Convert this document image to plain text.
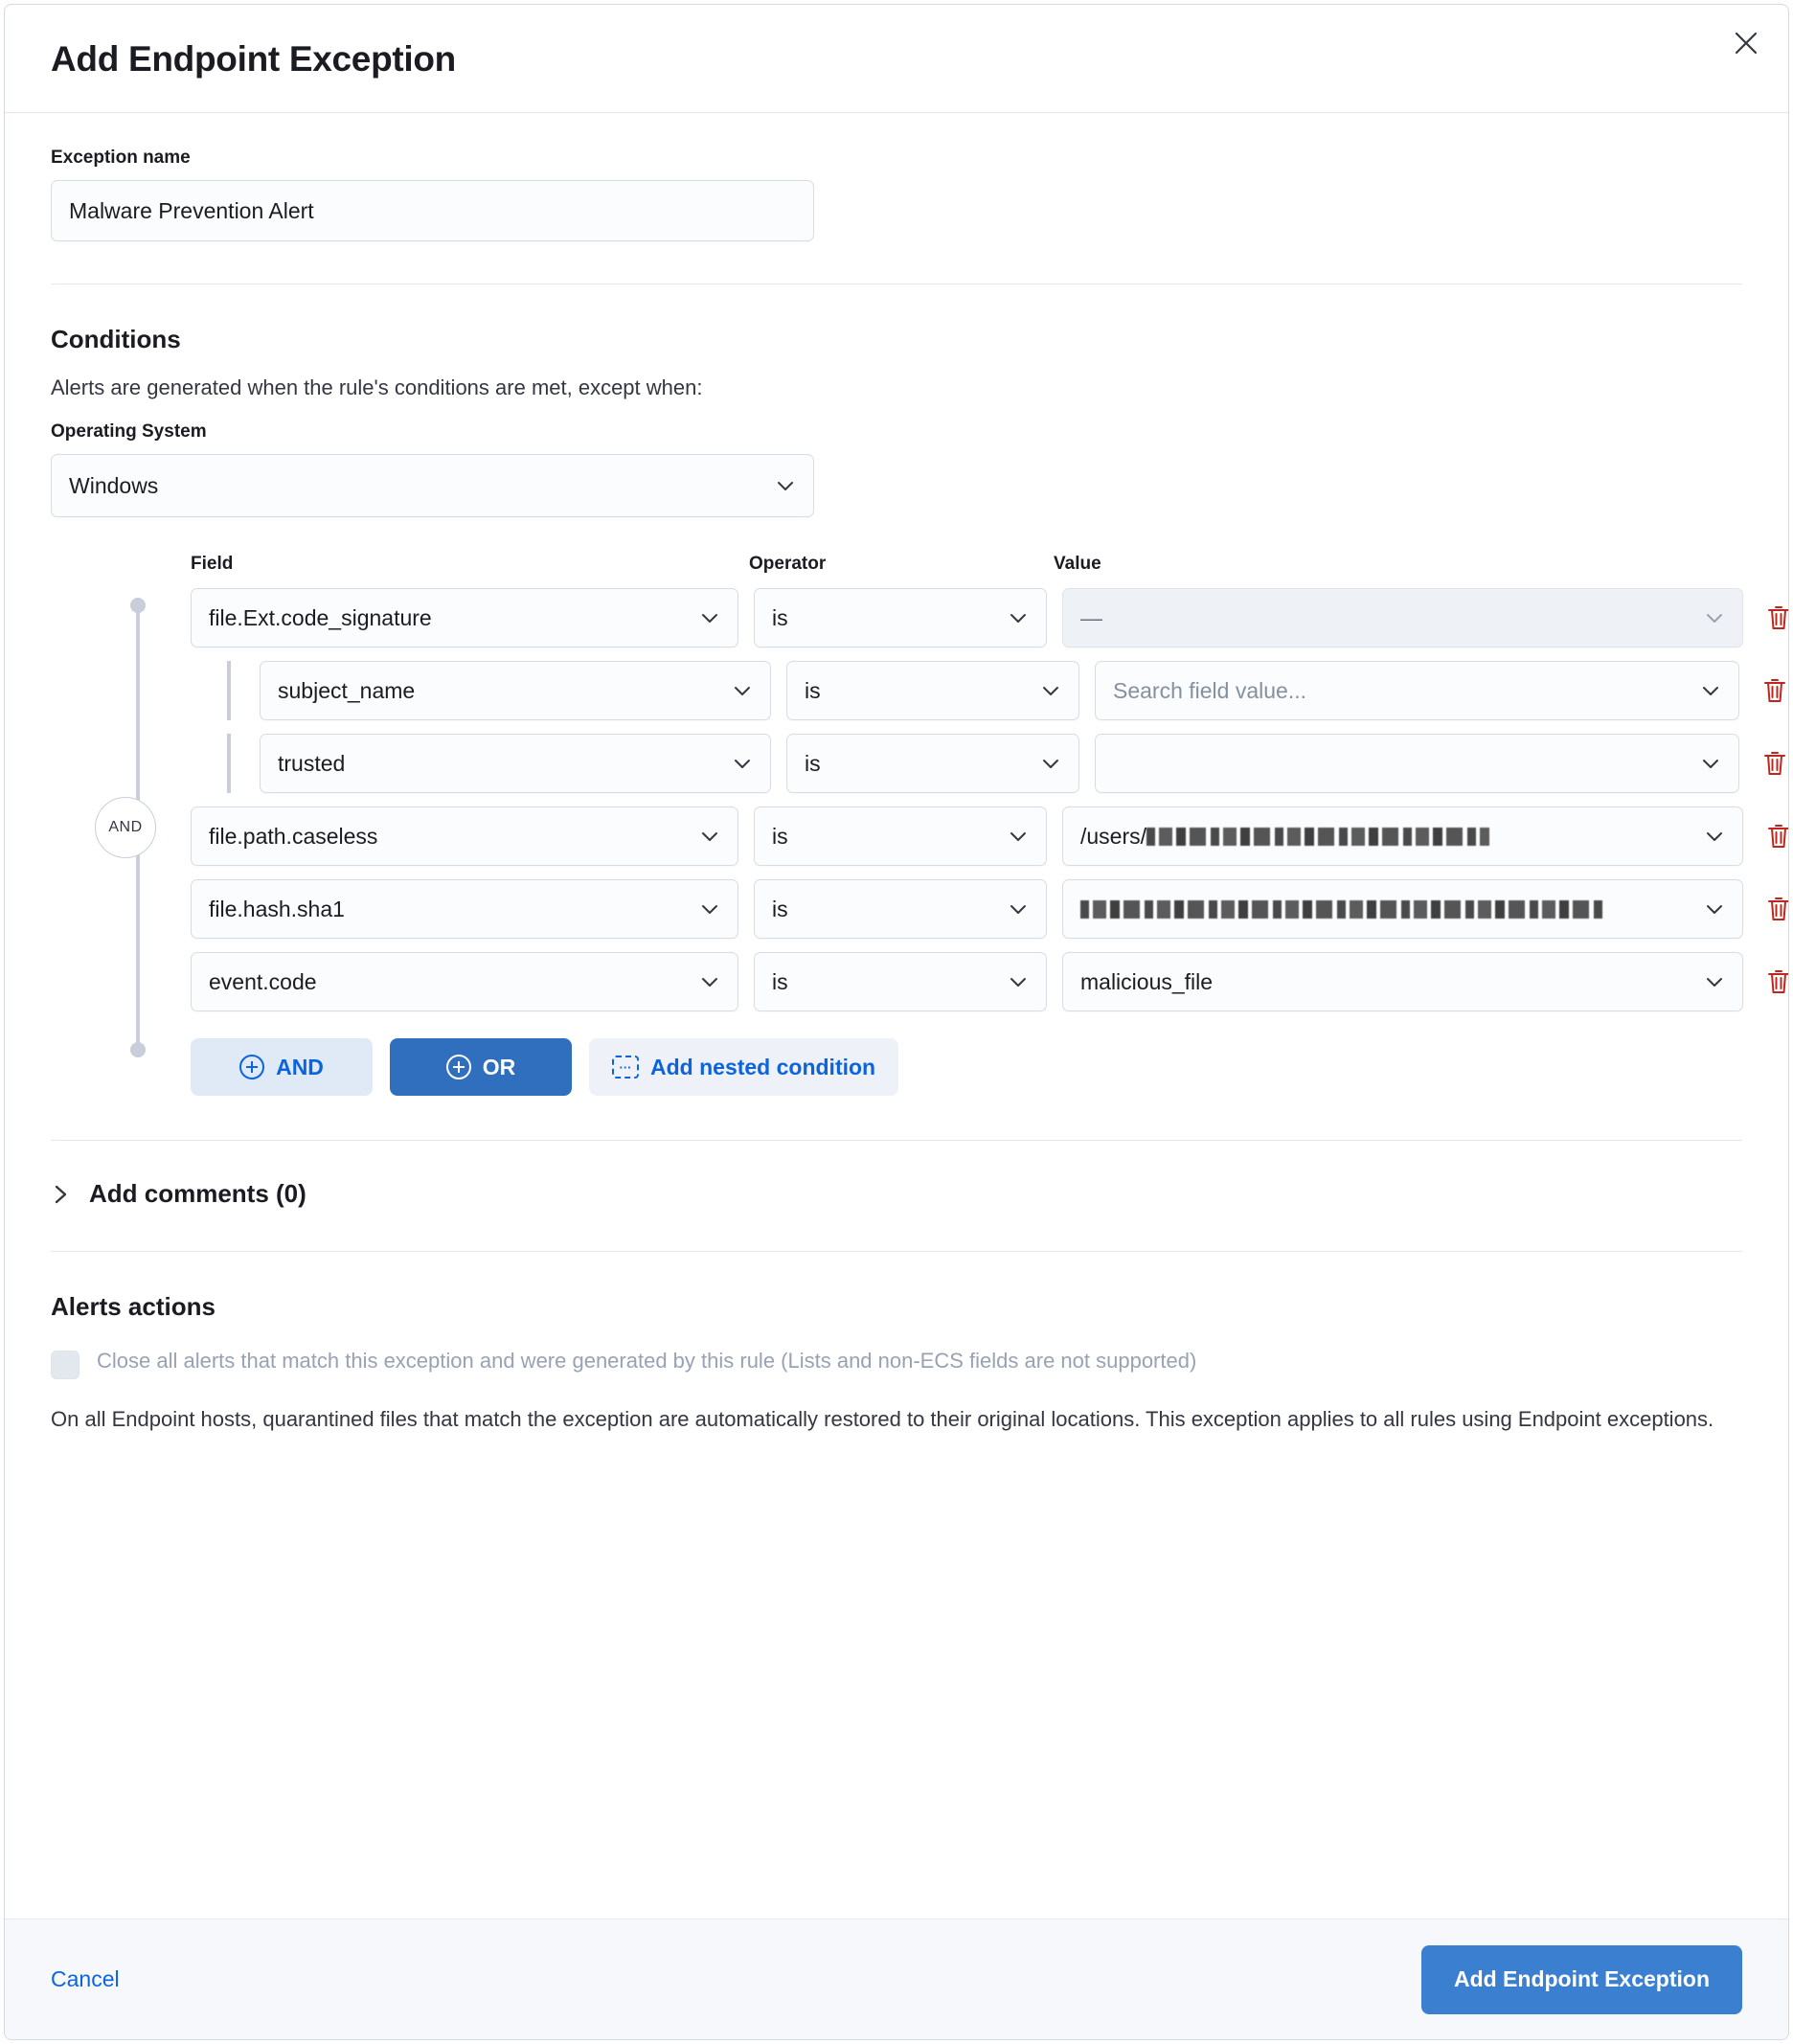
Add Endpoint Exception
Exception name
Malware Prevention Alert
Conditions
Alerts are generated when the rule's conditions are met, except when:
Operating System
Windows
AND
Field	Operator	Value
file.Ext.code_signature	is	—
subject_name	is	Search field value...
trusted	is
file.path.caseless	is	/users/
file.hash.sha1	is
event.code	is	malicious_file
AND	OR	··· Add nested condition
Add comments (0)
Alerts actions
Close all alerts that match this exception and were generated by this rule (Lists and non-ECS fields are not supported)
On all Endpoint hosts, quarantined files that match the exception are automatically restored to their original locations. This exception applies to all rules using Endpoint exceptions.
Cancel	Add Endpoint Exception
